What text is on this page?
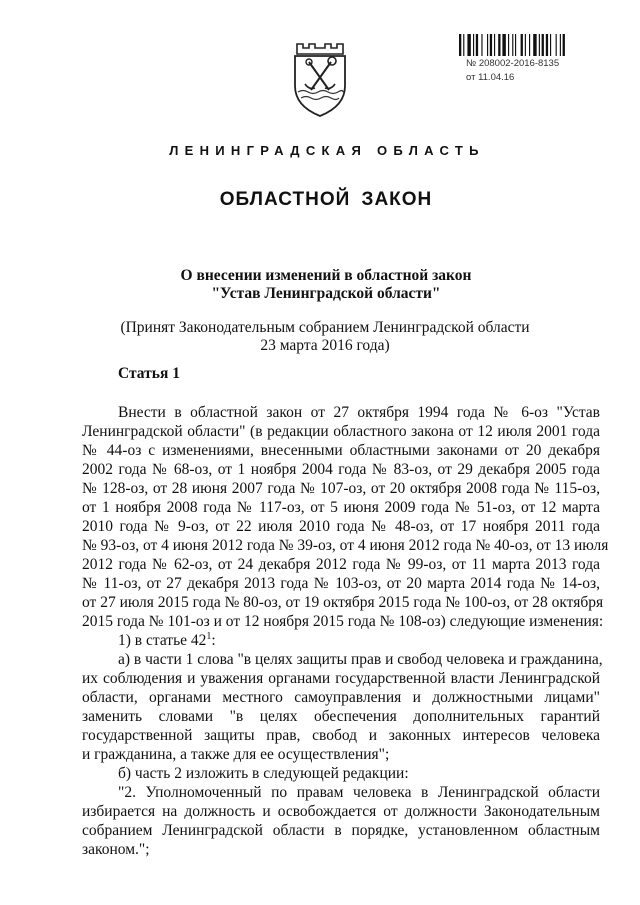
№ 208002-2016-8135
от 11.04.16
ЛЕНИНГРАДСКАЯ ОБЛАСТЬ
ОБЛАСТНОЙ ЗАКОН
О внесении изменений в областной закон
"Устав Ленинградской области"
(Принят Законодательным собранием Ленинградской области
23 марта 2016 года)
Статья 1
Внести в областной закон от 27 октября 1994 года № 6-оз "Устав
Ленинградской области" (в редакции областного закона от 12 июля 2001 года
№ 44-оз с изменениями, внесенными областными законами от 20 декабря
2002 года № 68-оз, от 1 ноября 2004 года № 83-оз, от 29 декабря 2005 года
№ 128-оз, от 28 июня 2007 года № 107-оз, от 20 октября 2008 года № 115-оз,
от 1 ноября 2008 года № 117-оз, от 5 июня 2009 года № 51-оз, от 12 марта
2010 года № 9-оз, от 22 июля 2010 года № 48-оз, от 17 ноября 2011 года
№ 93-оз, от 4 июня 2012 года № 39-оз, от 4 июня 2012 года № 40-оз, от 13 июля
2012 года № 62-оз, от 24 декабря 2012 года № 99-оз, от 11 марта 2013 года
№ 11-оз, от 27 декабря 2013 года № 103-оз, от 20 марта 2014 года № 14-оз,
от 27 июля 2015 года № 80-оз, от 19 октября 2015 года № 100-оз, от 28 октября
2015 года № 101-оз и от 12 ноября 2015 года № 108-оз) следующие изменения:
1) в статье $42^1$:
а) в части 1 слова "в целях защиты прав и свобод человека и гражданина,
их соблюдения и уважения органами государственной власти Ленинградской
области, органами местного самоуправления и должностными лицами"
заменить словами "в целях обеспечения дополнительных гарантий
государственной защиты прав, свобод и законных интересов человека
и гражданина, а также для ее осуществления";
б) часть 2 изложить в следующей редакции:
"2. Уполномоченный по правам человека в Ленинградской области
избирается на должность и освобождается от должности Законодательным
собранием Ленинградской области в порядке, установленном областным
законом.";
